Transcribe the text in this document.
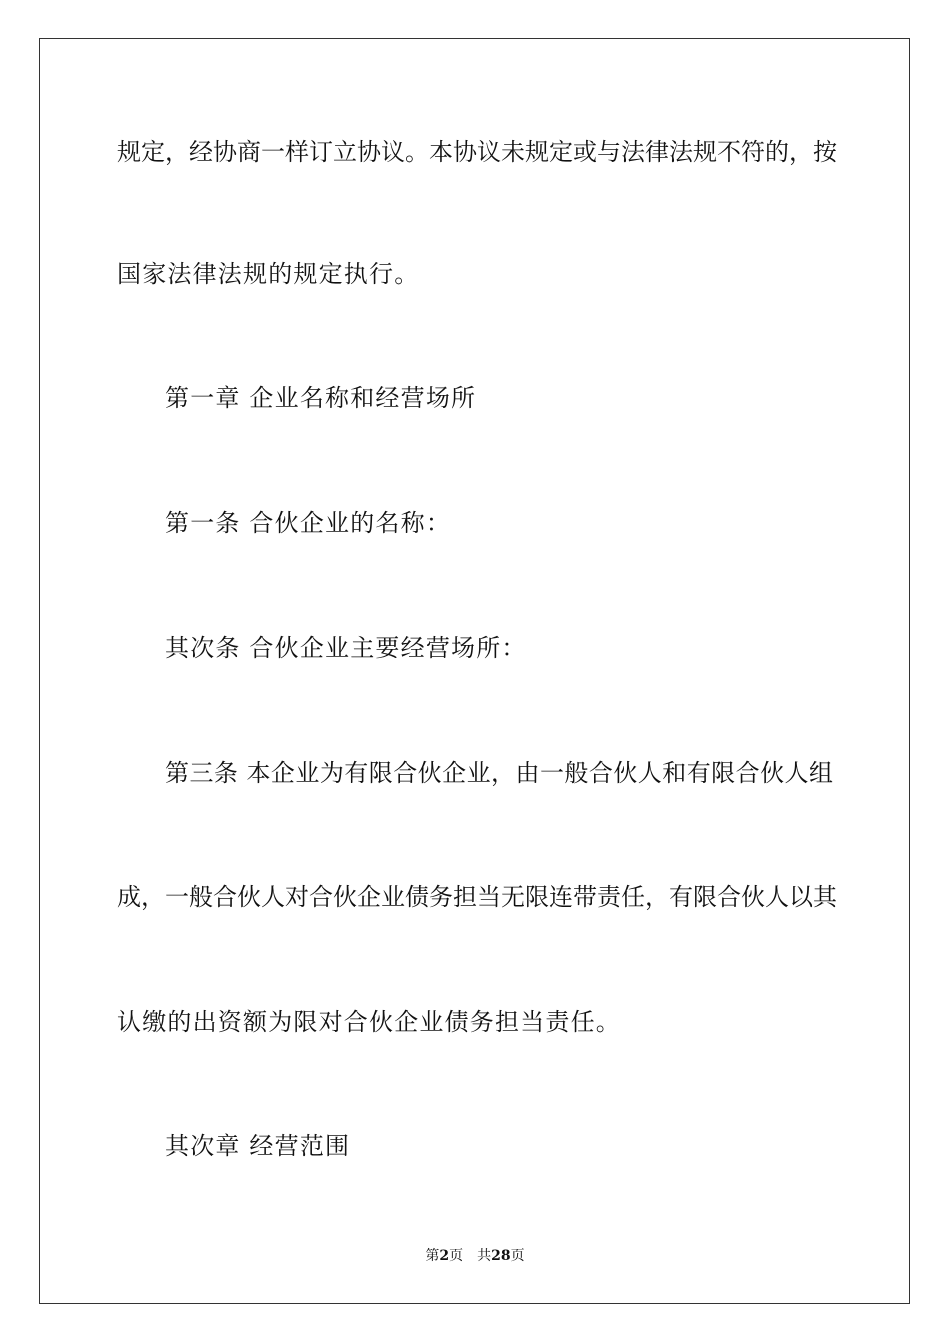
规定，经协商一样订立协议。本协议未规定或与法律法规不符的，按
国家法律法规的规定执行。
第一章 企业名称和经营场所
第一条 合伙企业的名称：
其次条 合伙企业主要经营场所：
第三条 本企业为有限合伙企业，由一般合伙人和有限合伙人组
成，一般合伙人对合伙企业债务担当无限连带责任，有限合伙人以其
认缴的出资额为限对合伙企业债务担当责任。
其次章 经营范围
第2页 共28页
